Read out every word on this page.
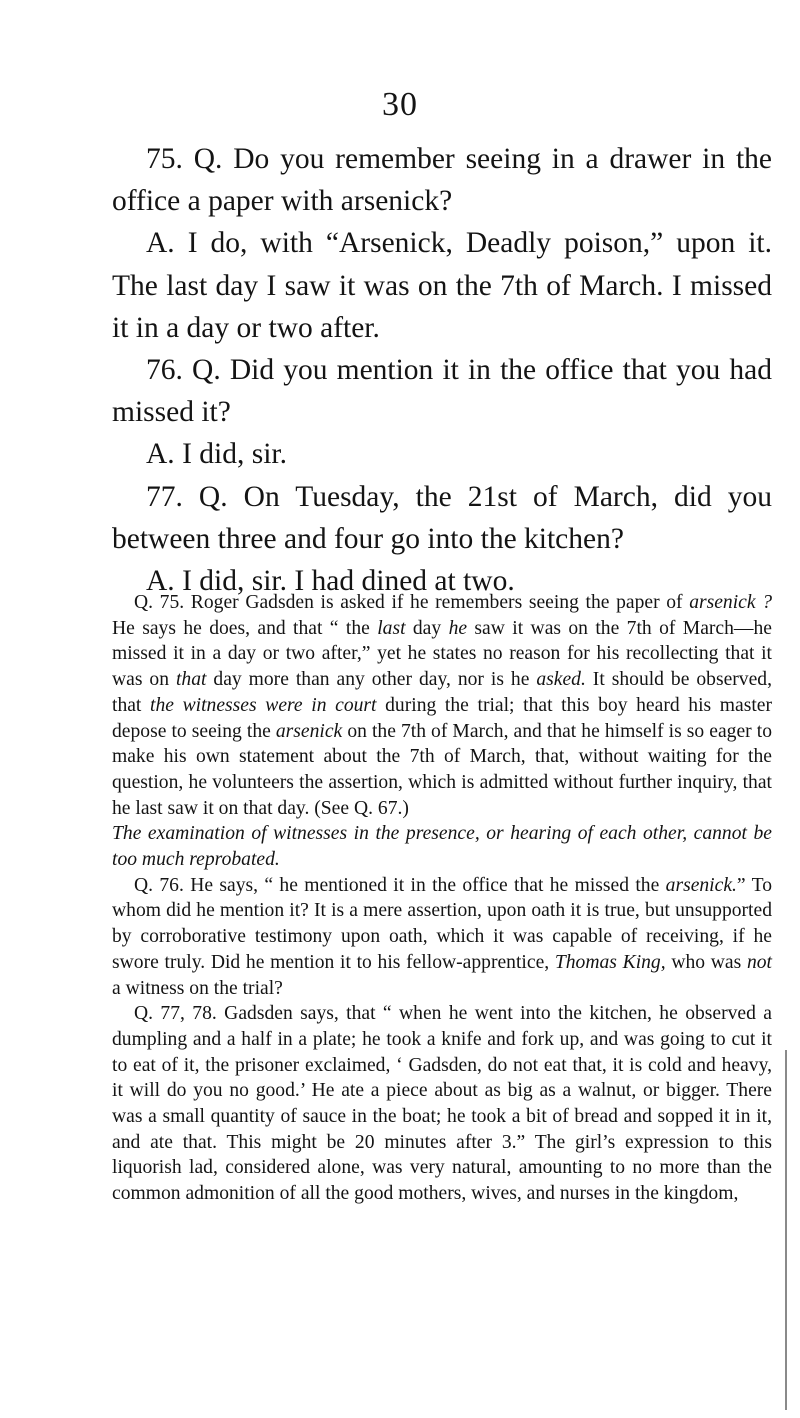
30

75. Q. Do you remember seeing in a drawer in the office a paper with arsenick?

A. I do, with “Arsenick, Deadly poison,” upon it. The last day I saw it was on the 7th of March. I missed it in a day or two after.

76. Q. Did you mention it in the office that you had missed it?

A. I did, sir.

77. Q. On Tuesday, the 21st of March, did you between three and four go into the kitchen?

A. I did, sir. I had dined at two.

Q. 75. Roger Gadsden is asked if he remembers seeing the paper of arsenick ? He says he does, and that “ the last day he saw it was on the 7th of March—he missed it in a day or two after,” yet he states no reason for his recollecting that it was on that day more than any other day, nor is he asked. It should be observed, that the witnesses were in court during the trial; that this boy heard his master depose to seeing the arsenick on the 7th of March, and that he himself is so eager to make his own statement about the 7th of March, that, without waiting for the question, he volunteers the assertion, which is admitted without further inquiry, that he last saw it on that day. (See Q. 67.)

The examination of witnesses in the presence, or hearing of each other, cannot be too much reprobated.

Q. 76. He says, “ he mentioned it in the office that he missed the arsenick.” To whom did he mention it? It is a mere assertion, upon oath it is true, but unsupported by corroborative testimony upon oath, which it was capable of receiving, if he swore truly. Did he mention it to his fellow-apprentice, Thomas King, who was not a witness on the trial?

Q. 77, 78. Gadsden says, that “ when he went into the kitchen, he observed a dumpling and a half in a plate; he took a knife and fork up, and was going to cut it to eat of it, the prisoner exclaimed, ‘ Gadsden, do not eat that, it is cold and heavy, it will do you no good.’ He ate a piece about as big as a walnut, or bigger. There was a small quantity of sauce in the boat; he took a bit of bread and sopped it in it, and ate that. This might be 20 minutes after 3.” The girl’s expression to this liquorish lad, considered alone, was very natural, amounting to no more than the common admonition of all the good mothers, wives, and nurses in the kingdom,
